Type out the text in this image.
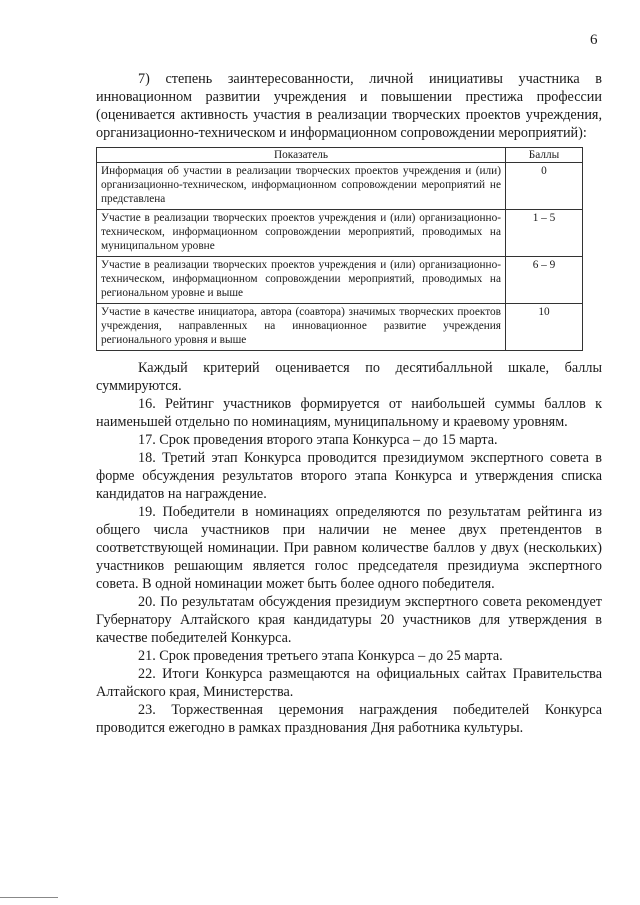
6

7) степень заинтересованности, личной инициативы участника в инновационном развитии учреждения и повышении престижа профессии (оценивается активность участия в реализации творческих проектов учреждения, организационно-техническом и информационном сопровождении мероприятий):

Показатель	Баллы
Информация об участии в реализации творческих проектов учреждения и (или) организационно-техническом, информационном сопровождении мероприятий не представлена	0
Участие в реализации творческих проектов учреждения и (или) организационно-техническом, информационном сопровождении мероприятий, проводимых на муниципальном уровне	1 – 5
Участие в реализации творческих проектов учреждения и (или) организационно-техническом, информационном сопровождении мероприятий, проводимых на региональном уровне и выше	6 – 9
Участие в качестве инициатора, автора (соавтора) значимых творческих проектов учреждения, направленных на инновационное развитие учреждения регионального уровня и выше	10

Каждый критерий оценивается по десятибалльной шкале, баллы суммируются.

16. Рейтинг участников формируется от наибольшей суммы баллов к наименьшей отдельно по номинациям, муниципальному и краевому уровням.

17. Срок проведения второго этапа Конкурса – до 15 марта.

18. Третий этап Конкурса проводится президиумом экспертного совета в форме обсуждения результатов второго этапа Конкурса и утверждения списка кандидатов на награждение.

19. Победители в номинациях определяются по результатам рейтинга из общего числа участников при наличии не менее двух претендентов в соответствующей номинации. При равном количестве баллов у двух (нескольких) участников решающим является голос председателя президиума экспертного совета. В одной номинации может быть более одного победителя.

20. По результатам обсуждения президиум экспертного совета рекомендует Губернатору Алтайского края кандидатуры 20 участников для утверждения в качестве победителей Конкурса.

21. Срок проведения третьего этапа Конкурса – до 25 марта.

22. Итоги Конкурса размещаются на официальных сайтах Правительства Алтайского края, Министерства.

23. Торжественная церемония награждения победителей Конкурса проводится ежегодно в рамках празднования Дня работника культуры.
